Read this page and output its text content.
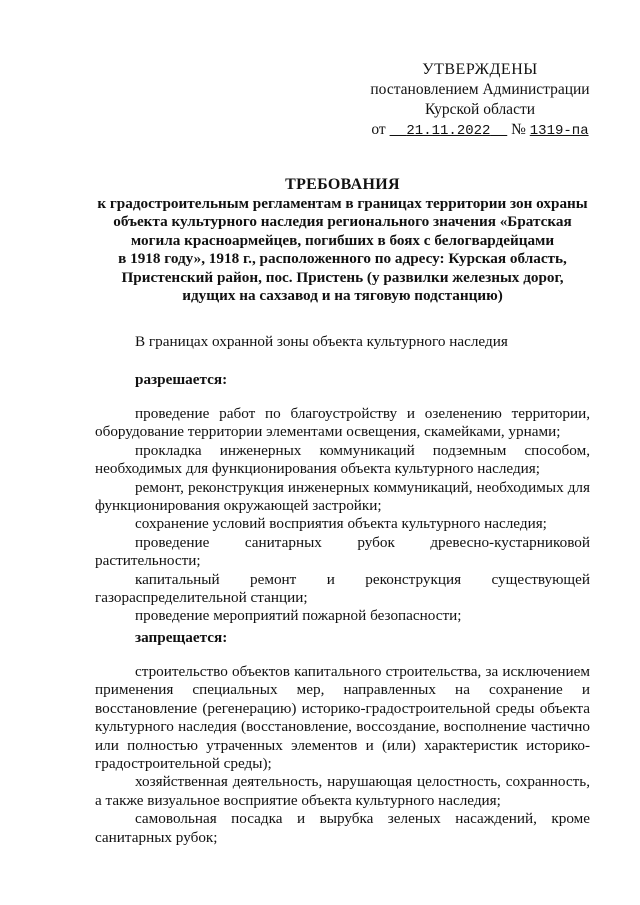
УТВЕРЖДЕНЫ
постановлением Администрации
Курской области
от 21.11.2022 № 1319-па
ТРЕБОВАНИЯ
к градостроительным регламентам в границах территории зон охраны
объекта культурного наследия регионального значения «Братская
могила красноармейцев, погибших в боях с белогвардейцами
в 1918 году», 1918 г., расположенного по адресу: Курская область,
Пристенский район, пос. Пристень (у развилки железных дорог,
идущих на сахзавод и на тяговую подстанцию)
В границах охранной зоны объекта культурного наследия
разрешается:
проведение работ по благоустройству и озеленению территории, оборудование территории элементами освещения, скамейками, урнами;
прокладка инженерных коммуникаций подземным способом, необходимых для функционирования объекта культурного наследия;
ремонт, реконструкция инженерных коммуникаций, необходимых для функционирования окружающей застройки;
сохранение условий восприятия объекта культурного наследия;
проведение санитарных рубок древесно-кустарниковой растительности;
капитальный ремонт и реконструкция существующей газораспределительной станции;
проведение мероприятий пожарной безопасности;
запрещается:
строительство объектов капитального строительства, за исключением применения специальных мер, направленных на сохранение и восстановление (регенерацию) историко-градостроительной среды объекта культурного наследия (восстановление, воссоздание, восполнение частично или полностью утраченных элементов и (или) характеристик историко-градостроительной среды);
хозяйственная деятельность, нарушающая целостность, сохранность, а также визуальное восприятие объекта культурного наследия;
самовольная посадка и вырубка зеленых насаждений, кроме санитарных рубок;
